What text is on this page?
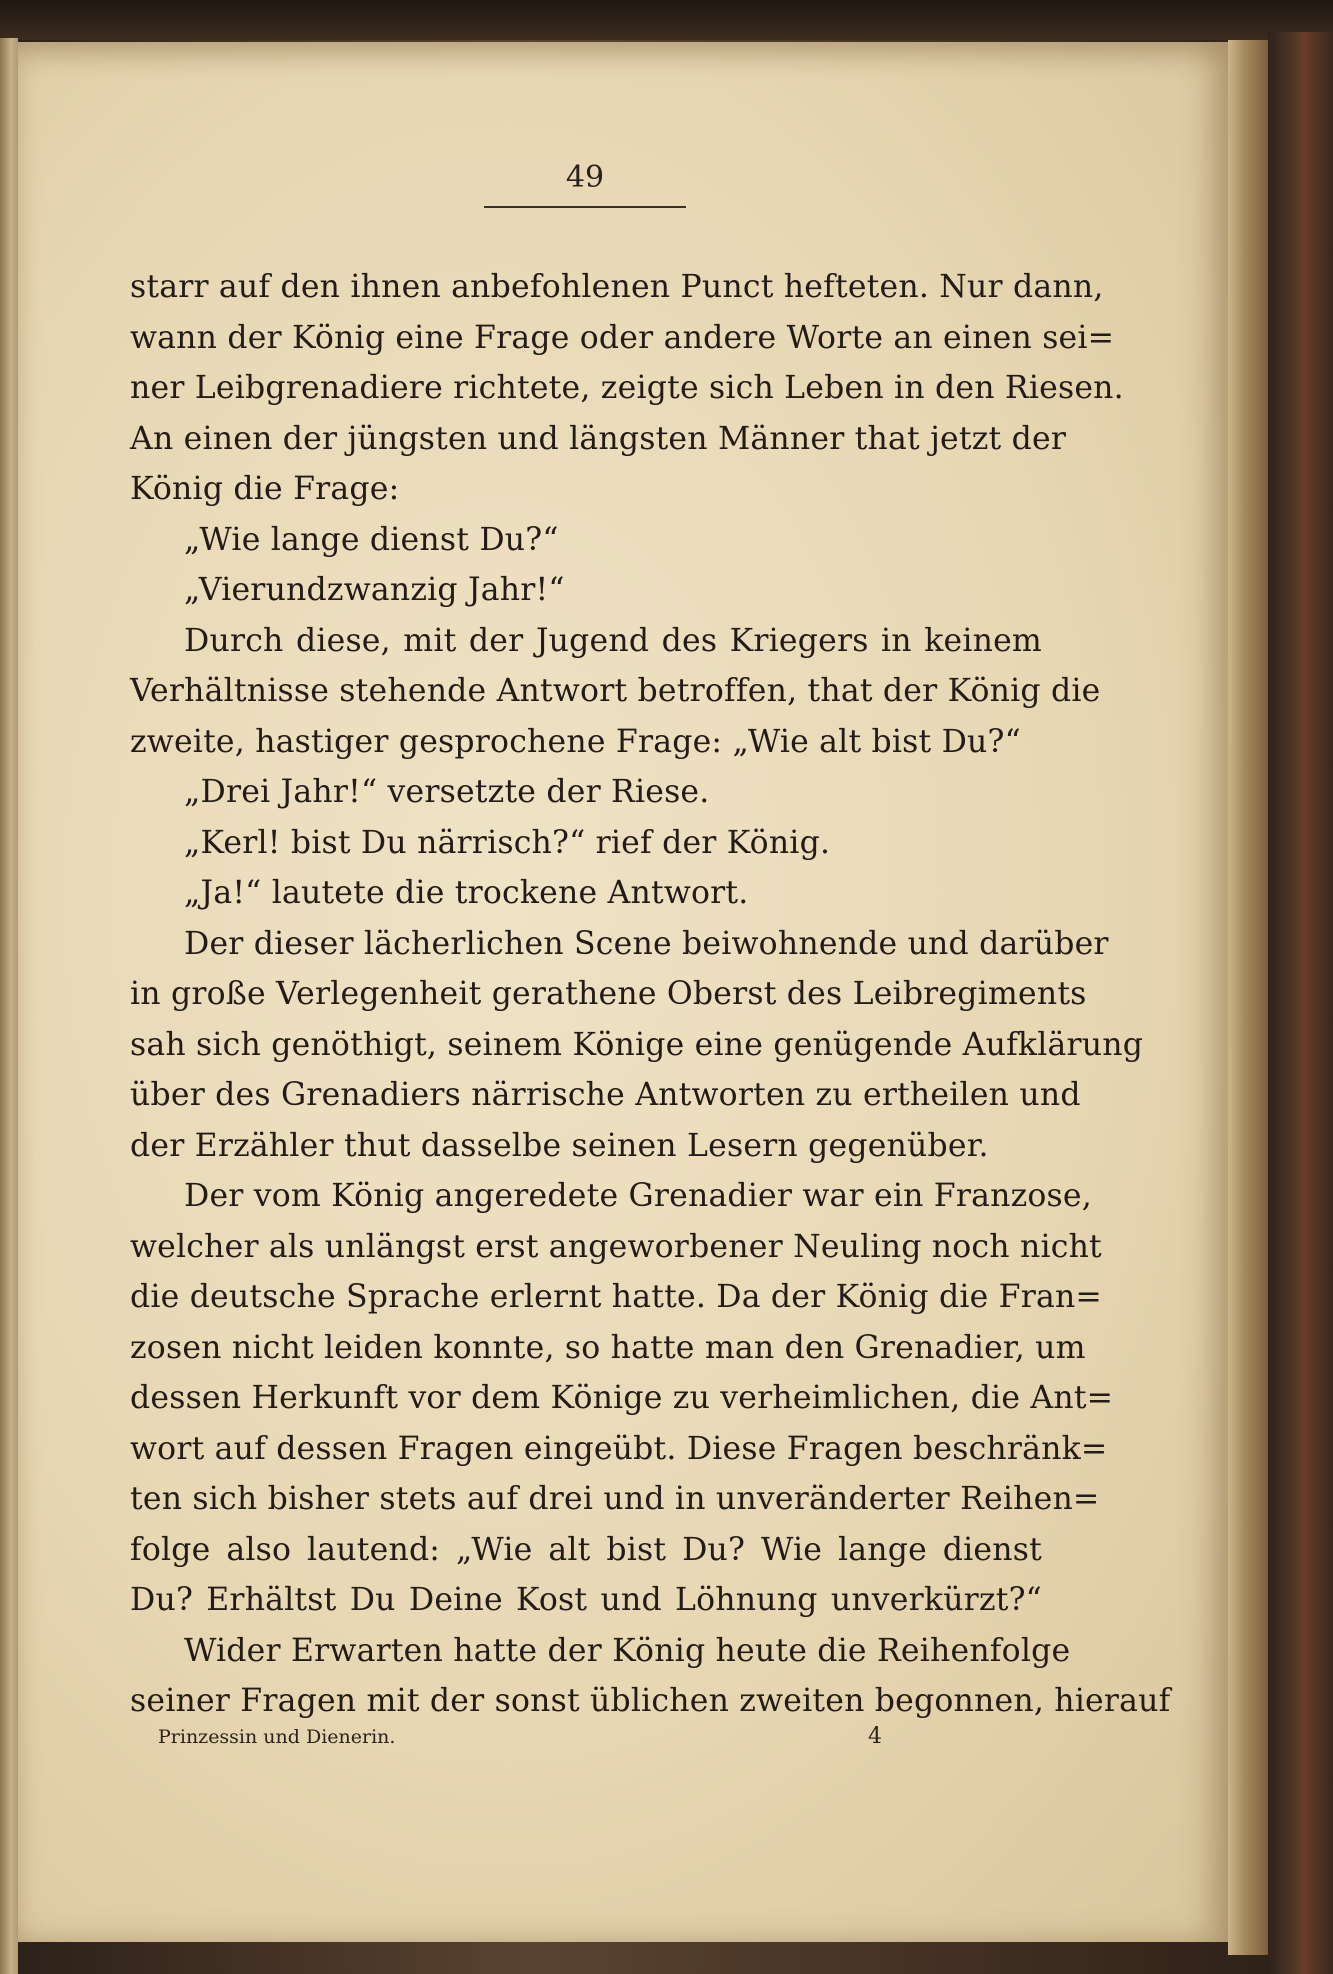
49
starr auf den ihnen anbefohlenen Punct hefteten. Nur dann,
wann der König eine Frage oder andere Worte an einen sei=
ner Leibgrenadiere richtete, zeigte sich Leben in den Riesen.
An einen der jüngsten und längsten Männer that jetzt der
König die Frage:
„Wie lange dienst Du?“
„Vierundzwanzig Jahr!“
Durch diese, mit der Jugend des Kriegers in keinem
Verhältnisse stehende Antwort betroffen, that der König die
zweite, hastiger gesprochene Frage: „Wie alt bist Du?“
„Drei Jahr!“ versetzte der Riese.
„Kerl! bist Du närrisch?“ rief der König.
„Ja!“ lautete die trockene Antwort.
Der dieser lächerlichen Scene beiwohnende und darüber
in große Verlegenheit gerathene Oberst des Leibregiments
sah sich genöthigt, seinem Könige eine genügende Aufklärung
über des Grenadiers närrische Antworten zu ertheilen und
der Erzähler thut dasselbe seinen Lesern gegenüber.
Der vom König angeredete Grenadier war ein Franzose,
welcher als unlängst erst angeworbener Neuling noch nicht
die deutsche Sprache erlernt hatte. Da der König die Fran=
zosen nicht leiden konnte, so hatte man den Grenadier, um
dessen Herkunft vor dem Könige zu verheimlichen, die Ant=
wort auf dessen Fragen eingeübt. Diese Fragen beschränk=
ten sich bisher stets auf drei und in unveränderter Reihen=
folge also lautend: „Wie alt bist Du? Wie lange dienst
Du? Erhältst Du Deine Kost und Löhnung unverkürzt?“
Wider Erwarten hatte der König heute die Reihenfolge
seiner Fragen mit der sonst üblichen zweiten begonnen, hierauf
Prinzessin und Dienerin.	4
